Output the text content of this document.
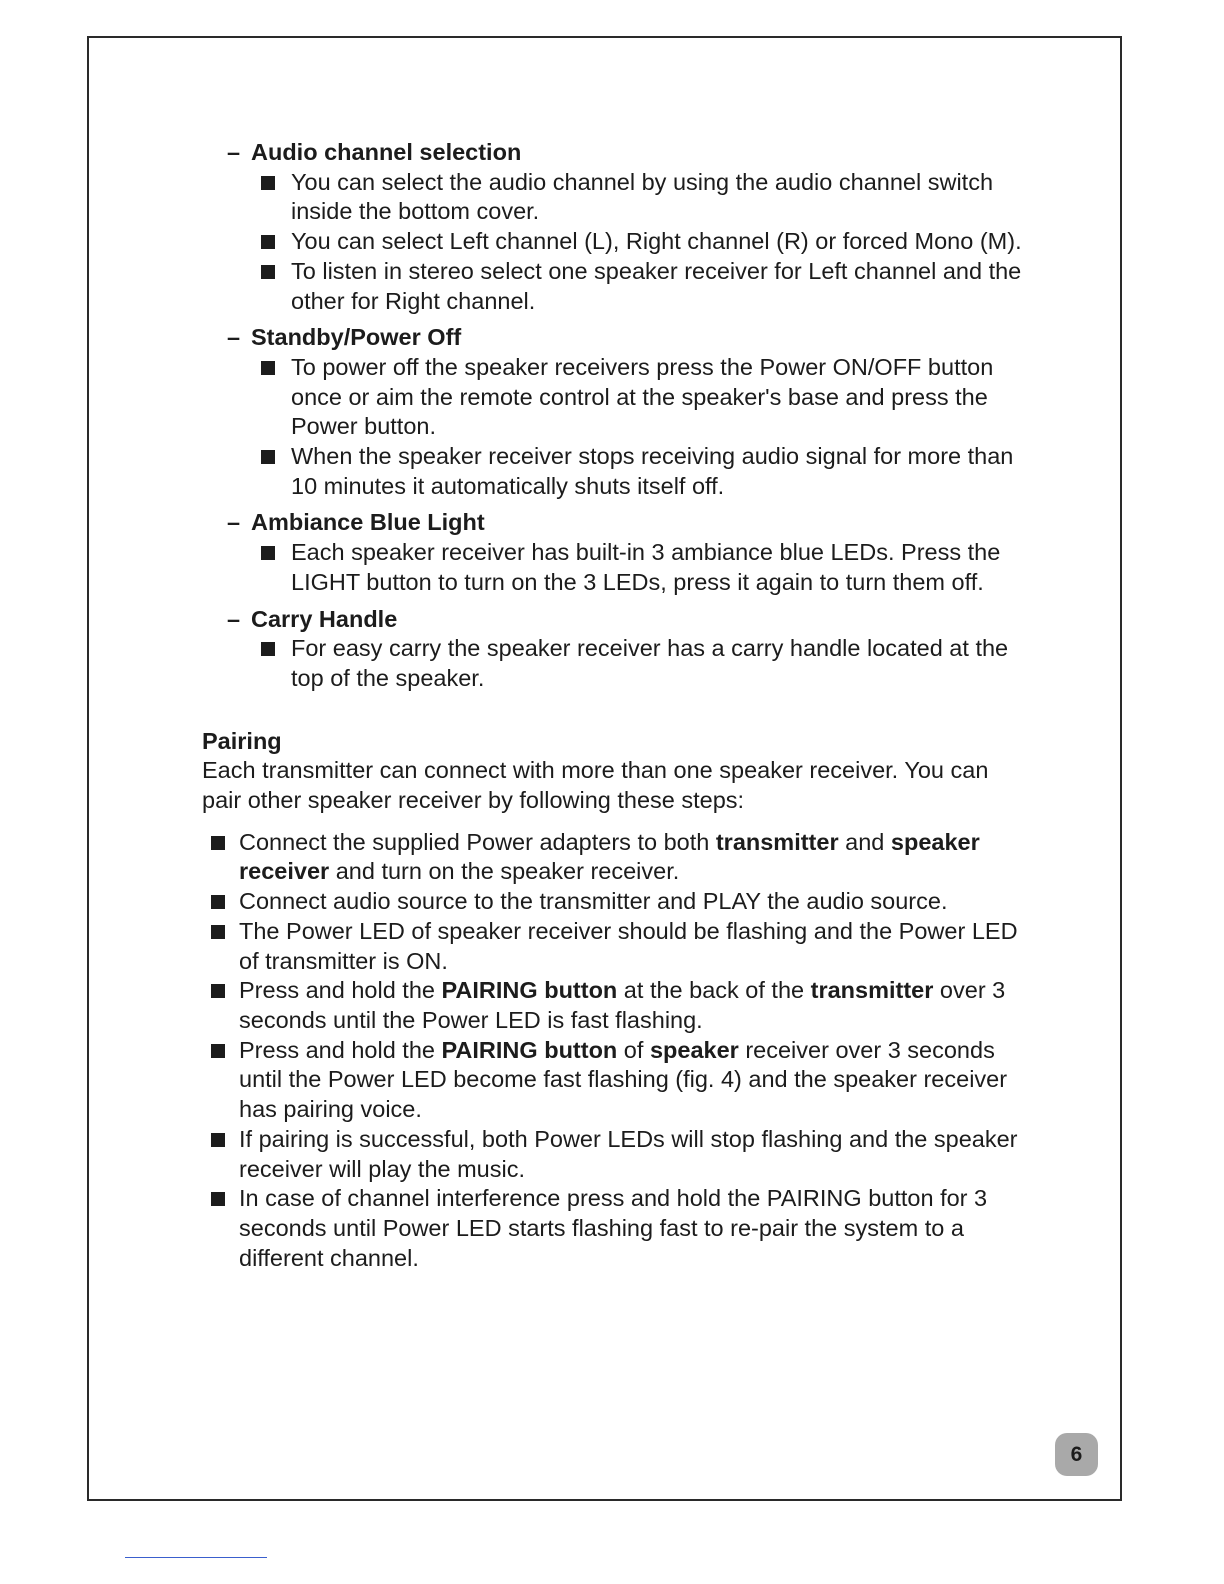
– Audio channel selection
You can select the audio channel by using the audio channel switch inside the bottom cover.
You can select Left channel (L), Right channel (R) or forced Mono (M).
To listen in stereo select one speaker receiver for Left channel and the other for Right channel.
– Standby/Power Off
To power off the speaker receivers press the Power ON/OFF button once or aim the remote control at the speaker's base and press the Power button.
When the speaker receiver stops receiving audio signal for more than 10 minutes it automatically shuts itself off.
– Ambiance Blue Light
Each speaker receiver has built-in 3 ambiance blue LEDs. Press the LIGHT button to turn on the 3 LEDs, press it again to turn them off.
– Carry Handle
For easy carry the speaker receiver has a carry handle located at the top of the speaker.
Pairing
Each transmitter can connect with more than one speaker receiver. You can pair other speaker receiver by following these steps:
Connect the supplied Power adapters to both transmitter and speaker receiver and turn on the speaker receiver.
Connect audio source to the transmitter and PLAY the audio source.
The Power LED of speaker receiver should be flashing and the Power LED of transmitter is ON.
Press and hold the PAIRING button at the back of the transmitter over 3 seconds until the Power LED is fast flashing.
Press and hold the PAIRING button of speaker receiver over 3 seconds until the Power LED become fast flashing (fig. 4) and the speaker receiver has pairing voice.
If pairing is successful, both Power LEDs will stop flashing and the speaker receiver will play the music.
In case of channel interference press and hold the PAIRING button for 3 seconds until Power LED starts flashing fast to re-pair the system to a different channel.
6
